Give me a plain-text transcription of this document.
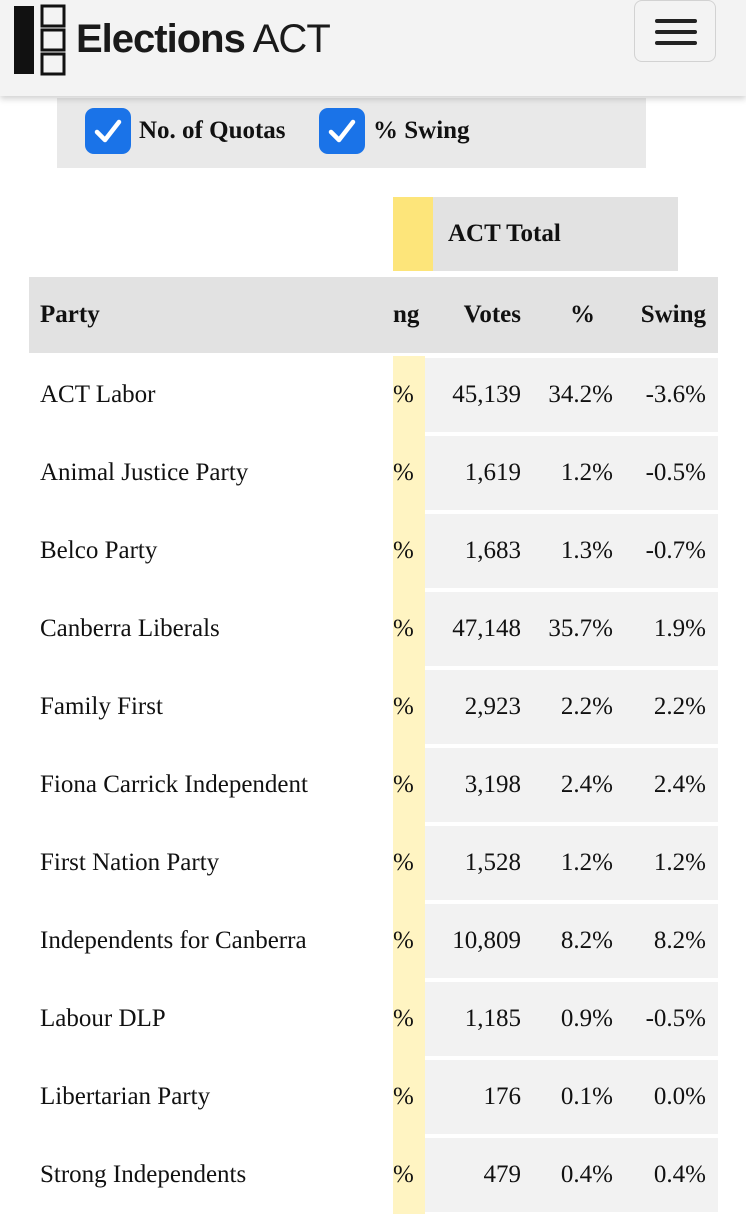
Elections ACT
No. of Quotas	% Swing
ACT Total
Party	ng Votes % Swing
ACT Labor	%	45,139 34.2% -3.6%
Animal Justice Party	%	1,619 1.2% -0.5%
Belco Party	%	1,683 1.3% -0.7%
Canberra Liberals	%	47,148 35.7% 1.9%
Family First	%	2,923 2.2% 2.2%
Fiona Carrick Independent	%	3,198 2.4% 2.4%
First Nation Party	%	1,528 1.2% 1.2%
Independents for Canberra	%	10,809 8.2% 8.2%
Labour DLP	%	1,185 0.9% -0.5%
Libertarian Party	%	176 0.1% 0.0%
Strong Independents	%	479 0.4% 0.4%
